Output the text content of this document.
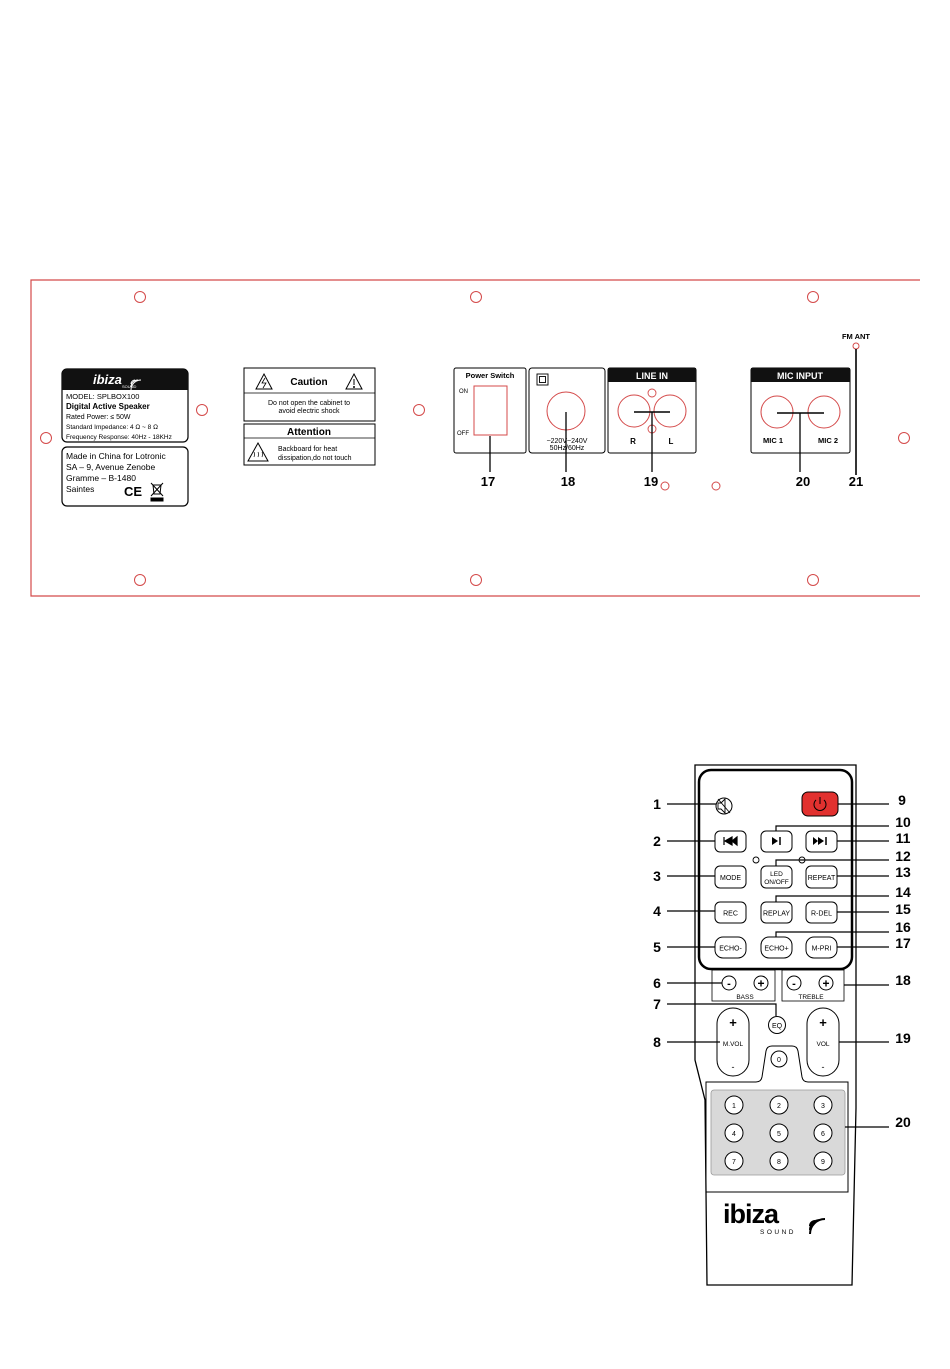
ibiza SOUND
MODEL: SPLBOX100
Digital Active Speaker
Rated Power: ≤ 50W
Standard Impedance: 4 Ω ~ 8 Ω
Frequency Response: 40Hz - 18KHz
Made in China for Lotronic
SA – 9, Avenue Zenobe
Gramme – B-1480
Saintes CE
Caution
Do not open the cabinet to
avoid electric shock
Attention
Backboard for heat
dissipation,do not touch
Power Switch
ON
OFF
~220V~240V
50Hz/60Hz
LINE IN
R	L
MIC INPUT
MIC 1	MIC 2
FM ANT
17	18	19	20	21
MODE
LED
ON/OFF
REPEAT
REC	REPLAY	R-DEL
ECHO-	ECHO+	M-PRI
- +
BASS
- +
TREBLE
EQ
+
M.VOL
-
+
VOL
-
0
1	2	3
4	5	6
7	8	9
ibiza
SOUND
1
2
3
4
5
6
7
8
9
10
11
12
13
14
15
16
17
18
19
20
